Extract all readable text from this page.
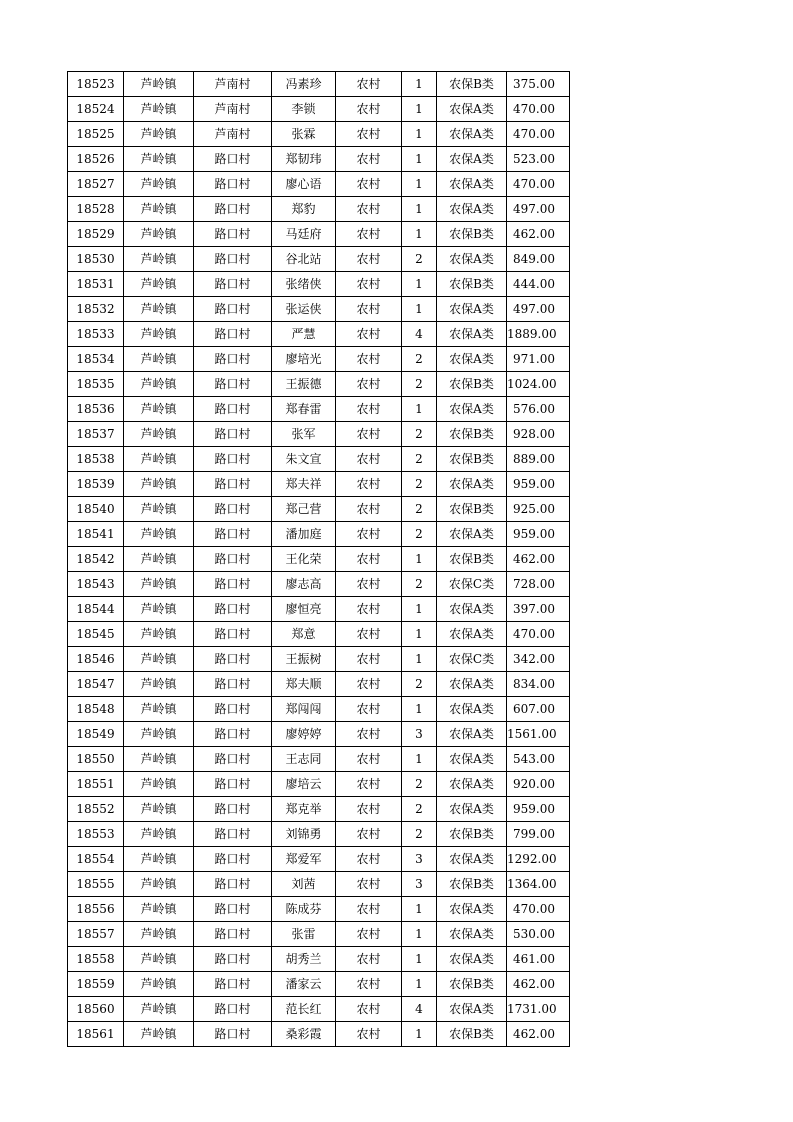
18523	芦岭镇	芦南村	冯素珍	农村	1	农保B类	375.00
18524	芦岭镇	芦南村	李锁	农村	1	农保A类	470.00
18525	芦岭镇	芦南村	张霖	农村	1	农保A类	470.00
18526	芦岭镇	路口村	郑韧玮	农村	1	农保A类	523.00
18527	芦岭镇	路口村	廖心语	农村	1	农保A类	470.00
18528	芦岭镇	路口村	郑豹	农村	1	农保A类	497.00
18529	芦岭镇	路口村	马廷府	农村	1	农保B类	462.00
18530	芦岭镇	路口村	谷北站	农村	2	农保A类	849.00
18531	芦岭镇	路口村	张绪侠	农村	1	农保B类	444.00
18532	芦岭镇	路口村	张运侠	农村	1	农保A类	497.00
18533	芦岭镇	路口村	严慧	农村	4	农保A类	1889.00
18534	芦岭镇	路口村	廖培光	农村	2	农保A类	971.00
18535	芦岭镇	路口村	王振德	农村	2	农保B类	1024.00
18536	芦岭镇	路口村	郑春雷	农村	1	农保A类	576.00
18537	芦岭镇	路口村	张军	农村	2	农保B类	928.00
18538	芦岭镇	路口村	朱文宣	农村	2	农保B类	889.00
18539	芦岭镇	路口村	郑夫祥	农村	2	农保A类	959.00
18540	芦岭镇	路口村	郑己营	农村	2	农保B类	925.00
18541	芦岭镇	路口村	潘加庭	农村	2	农保A类	959.00
18542	芦岭镇	路口村	王化荣	农村	1	农保B类	462.00
18543	芦岭镇	路口村	廖志高	农村	2	农保C类	728.00
18544	芦岭镇	路口村	廖恒亮	农村	1	农保A类	397.00
18545	芦岭镇	路口村	郑意	农村	1	农保A类	470.00
18546	芦岭镇	路口村	王振树	农村	1	农保C类	342.00
18547	芦岭镇	路口村	郑夫顺	农村	2	农保A类	834.00
18548	芦岭镇	路口村	郑闯闯	农村	1	农保A类	607.00
18549	芦岭镇	路口村	廖婷婷	农村	3	农保A类	1561.00
18550	芦岭镇	路口村	王志同	农村	1	农保A类	543.00
18551	芦岭镇	路口村	廖培云	农村	2	农保A类	920.00
18552	芦岭镇	路口村	郑克举	农村	2	农保A类	959.00
18553	芦岭镇	路口村	刘锦勇	农村	2	农保B类	799.00
18554	芦岭镇	路口村	郑爱军	农村	3	农保A类	1292.00
18555	芦岭镇	路口村	刘茜	农村	3	农保B类	1364.00
18556	芦岭镇	路口村	陈成芬	农村	1	农保A类	470.00
18557	芦岭镇	路口村	张雷	农村	1	农保A类	530.00
18558	芦岭镇	路口村	胡秀兰	农村	1	农保A类	461.00
18559	芦岭镇	路口村	潘家云	农村	1	农保B类	462.00
18560	芦岭镇	路口村	范长红	农村	4	农保A类	1731.00
18561	芦岭镇	路口村	桑彩霞	农村	1	农保B类	462.00
